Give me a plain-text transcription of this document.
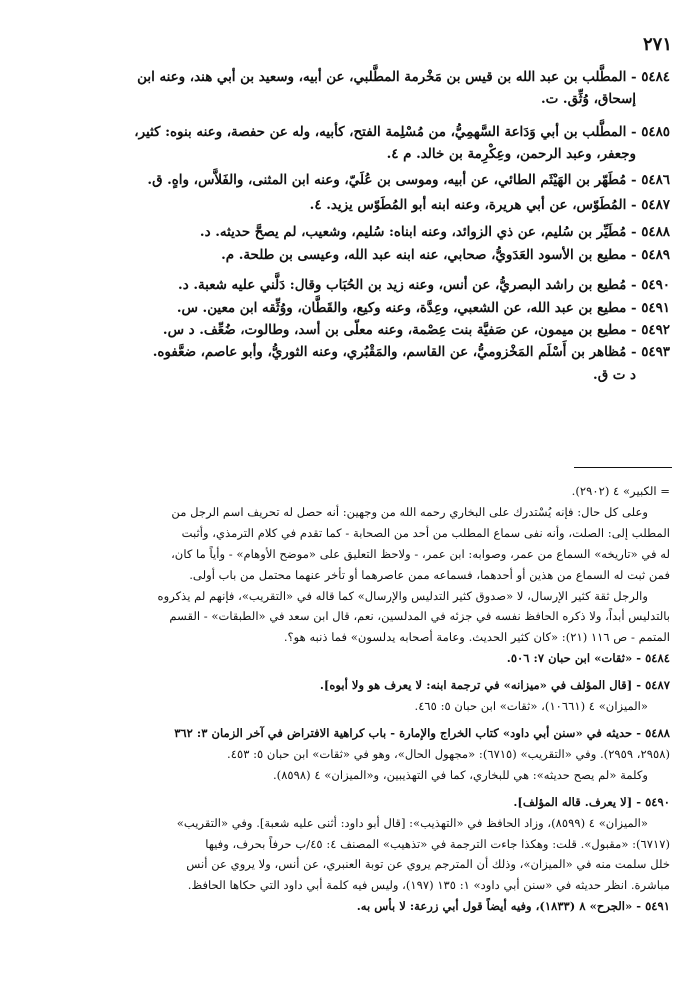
٢٧١

٥٤٨٤ - المطَّلب بن عبد الله بن قيس بن مَخْرمة المطَّلبي، عن أبيه، وسعيد بن أبي هند، وعنه ابن

إسحاق، وُثِّق. ت.

٥٤٨٥ - المطَّلب بن أبي وَدَاعة السَّهمِيُّ، من مُسْلِمة الفتح، كأبيه، وله عن حفصة، وعنه بنوه: كثير،

وجعفر، وعبد الرحمن، وعِكْرِمة بن خالد. م ٤.

٥٤٨٦ - مُطَهّر بن الهَيْثَم الطائي، عن أبيه، وموسى بن عُلَيّ، وعنه ابن المثنى، والفَلاَّس، واهٍ. ق.

٥٤٨٧ - المُطَوّس، عن أبي هريرة، وعنه ابنه أبو المُطَوّس يزيد. ٤.

٥٤٨٨ - مُطَيِّر بن سُليم، عن ذي الزوائد، وعنه ابناه: سُليم، وشعيب، لم يصحَّ حديثه. د.

٥٤٨٩ - مطيع بن الأسود العَدَويُّ، صحابي، عنه ابنه عبد الله، وعيسى بن طلحة. م.

٥٤٩٠ - مُطيع بن راشد البصريُّ، عن أنس، وعنه زيد بن الحُبَاب وقال: دَلَّني عليه شعبة. د.

٥٤٩١ - مطيع بن عبد الله، عن الشعبي، وعِدَّة، وعنه وكيع، والقَطَّان، ووُثِّقه ابن معين. س.

٥٤٩٢ - مطيع بن ميمون، عن صَفيَّة بنت عِصْمة، وعنه معلّى بن أسد، وطالوت، ضُعِّف. د س.

٥٤٩٣ - مُظاهر بن أَسْلَم المَخْزوميُّ، عن القاسم، والمَقْبُري، وعنه الثوريُّ، وأبو عاصم، ضعَّفوه.

د ت ق.

= الكبير» ٤ (٢٩٠٢).

وعلى كل حال: فإنه يُسْتدرك على البخاري رحمه الله من وجهين: أنه حصل له تحريف اسم الرجل من

المطلب إلى: الصلت، وأنه نفى سماع المطلب من أحد من الصحابة - كما تقدم في كلام الترمذي، وأثبت

له في «تاريخه» السماع من عمر، وصوابه: ابن عمر، - ولاحظ التعليق على «موضح الأوهام» - وأياً ما كان،

فمن ثبت له السماع من هذين أو أحدهما، فسماعه ممن عاصرهما أو تأخر عنهما محتمل من باب أولى.

والرجل ثقة كثير الإرسال، لا «صدوق كثير التدليس والإرسال» كما قاله في «التقريب»، فإنهم لم يذكروه

بالتدليس أبداً، ولا ذكره الحافظ نفسه في جزئه في المدلسين، نعم، قال ابن سعد في «الطبقات» - القسم

المتمم - ص ١١٦ (٢١): «كان كثير الحديث. وعامة أصحابه يدلسون» فما ذنبه هو؟.

٥٤٨٤ - «ثقات» ابن حبان ٧: ٥٠٦.

٥٤٨٧ - [قال المؤلف في «ميزانه» في ترجمة ابنه: لا يعرف هو ولا أبوه].

«الميزان» ٤ (١٠٦٦١)، «ثقات» ابن حبان ٥: ٤٦٥.

٥٤٨٨ - حديثه في «سنن أبي داود» كتاب الخراج والإمارة - باب كراهية الافتراض في آخر الزمان ٣: ٣٦٢

(٢٩٥٨، ٢٩٥٩). وفي «التقريب» (٦٧١٥): «مجهول الحال»، وهو في «ثقات» ابن حبان ٥: ٤٥٣.

وكلمة «لم يصح حديثه»: هي للبخاري، كما في التهذيبين، و«الميزان» ٤ (٨٥٩٨).

٥٤٩٠ - [لا يعرف. قاله المؤلف].

«الميزان» ٤ (٨٥٩٩)، وزاد الحافظ في «التهذيب»: [قال أبو داود: أثنى عليه شعبة]. وفي «التقريب»

(٦٧١٧): «مقبول». قلت: وهكذا جاءت الترجمة في «تذهيب» المصنف ٤: ٤٥/ب حرفاً بحرف، وفيها

خلل سلمت منه في «الميزان»، وذلك أن المترجم يروي عن توبة العنبري، عن أنس، ولا يروي عن أنس

مباشرة. انظر حديثه في «سنن أبي داود» ١: ١٣٥ (١٩٧)، وليس فيه كلمة أبي داود التي حكاها الحافظ.

٥٤٩١ - «الجرح» ٨ (١٨٣٣)، وفيه أيضاً قول أبي زرعة: لا بأس به.
